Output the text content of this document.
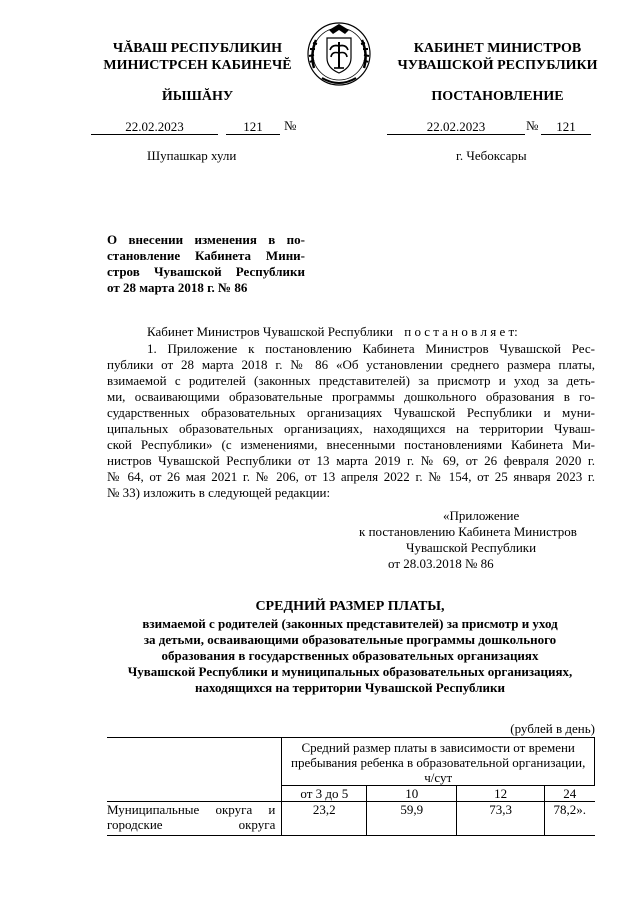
ЧĂВАШ РЕСПУБЛИКИН
МИНИСТРСЕН КАБИНЕЧĔ
ЙЫШĂНУ
КАБИНЕТ МИНИСТРОВ
ЧУВАШСКОЙ РЕСПУБЛИКИ
ПОСТАНОВЛЕНИЕ
22.02.2023	121	№	22.02.2023	№	121
Шупашкар хули	г. Чебоксары
О внесении изменения в по-
становление Кабинета Мини-
стров Чувашской Республики
от 28 марта 2018 г. № 86
Кабинет Министров Чувашской Республики п о с т а н о в л я е т:
1. Приложение к постановлению Кабинета Министров Чувашской Рес-
публики от 28 марта 2018 г. № 86 «Об установлении среднего размера платы,
взимаемой с родителей (законных представителей) за присмотр и уход за деть-
ми, осваивающими образовательные программы дошкольного образования в го-
сударственных образовательных организациях Чувашской Республики и муни-
ципальных образовательных организациях, находящихся на территории Чуваш-
ской Республики» (с изменениями, внесенными постановлениями Кабинета Ми-
нистров Чувашской Республики от 13 марта 2019 г. № 69, от 26 февраля 2020 г.
№ 64, от 26 мая 2021 г. № 206, от 13 апреля 2022 г. № 154, от 25 января 2023 г.
№ 33) изложить в следующей редакции:
«Приложение
к постановлению Кабинета Министров
Чувашской Республики
от 28.03.2018 № 86
СРЕДНИЙ РАЗМЕР ПЛАТЫ,
взимаемой с родителей (законных представителей) за присмотр и уход
за детьми, осваивающими образовательные программы дошкольного
образования в государственных образовательных организациях
Чувашской Республики и муниципальных образовательных организациях,
находящихся на территории Чувашской Республики
(рублей в день)
	Средний размер платы в зависимости от времени пребывания ребенка в образовательной организации, ч/сут			
	от 3 до 5	10	12	24
Муниципальные округа и городские округа	23,2	59,9	73,3	78,2».
